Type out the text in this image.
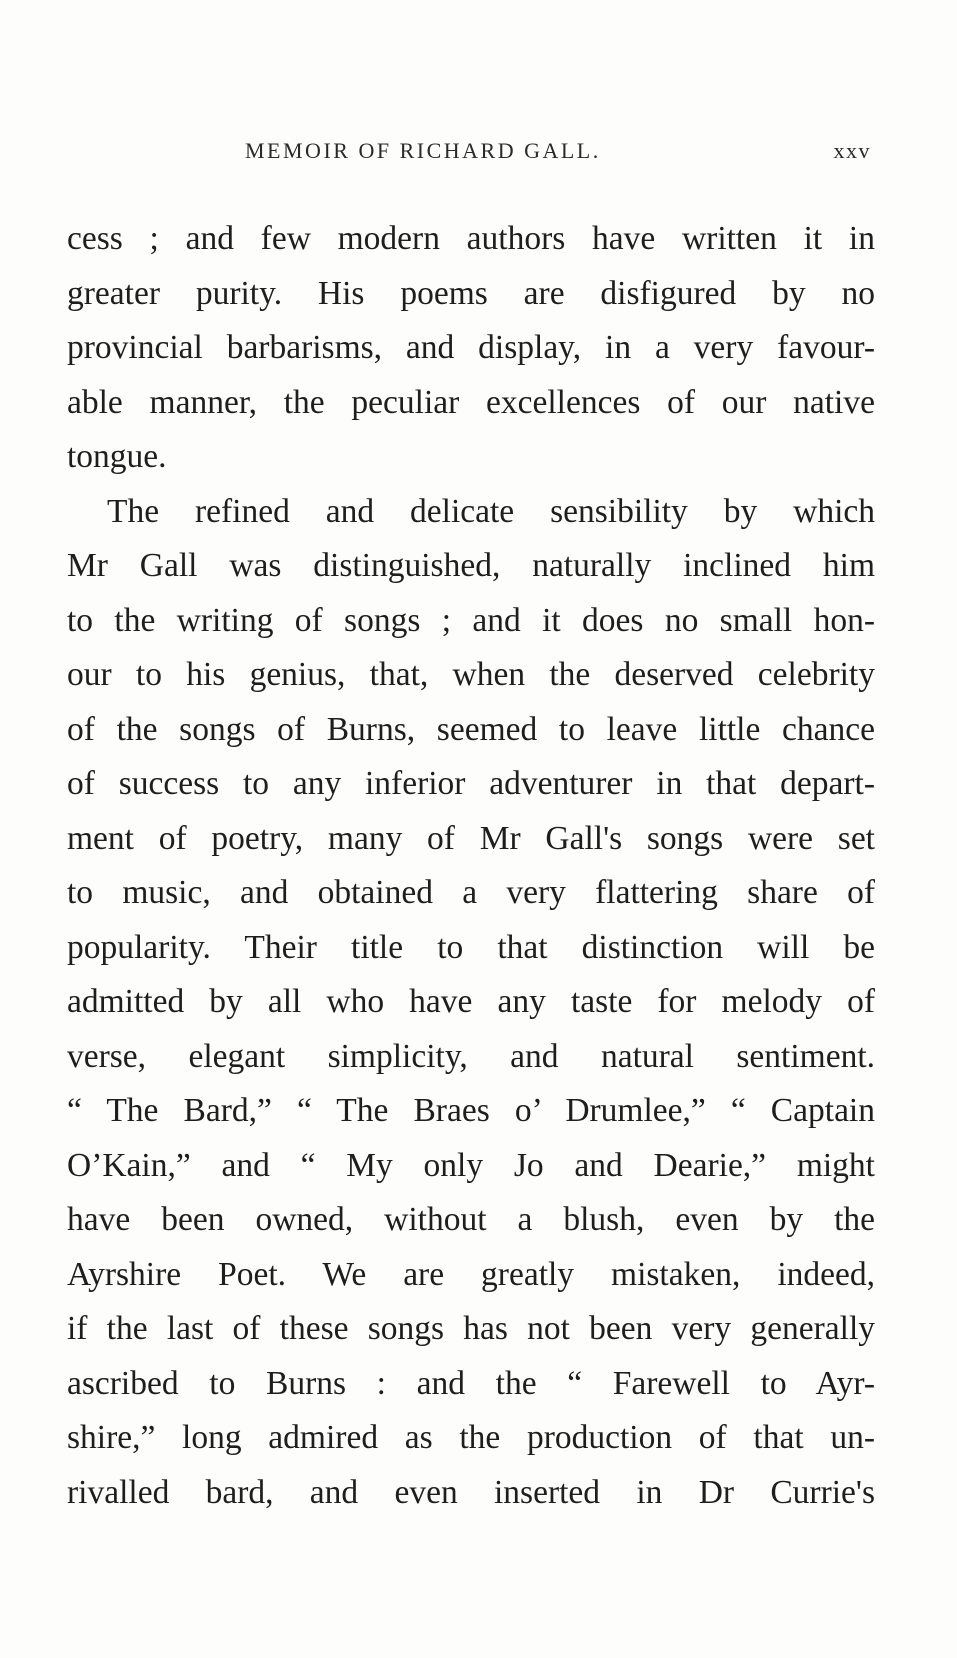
MEMOIR OF RICHARD GALL.	xxv
cess ; and few modern authors have written it in
greater purity. His poems are disfigured by no
provincial barbarisms, and display, in a very favour-
able manner, the peculiar excellences of our native
tongue.
The refined and delicate sensibility by which
Mr Gall was distinguished, naturally inclined him
to the writing of songs ; and it does no small hon-
our to his genius, that, when the deserved celebrity
of the songs of Burns, seemed to leave little chance
of success to any inferior adventurer in that depart-
ment of poetry, many of Mr Gall's songs were set
to music, and obtained a very flattering share of
popularity. Their title to that distinction will be
admitted by all who have any taste for melody of
verse, elegant simplicity, and natural sentiment.
“ The Bard,” “ The Braes o’ Drumlee,” “ Captain
O’Kain,” and “ My only Jo and Dearie,” might
have been owned, without a blush, even by the
Ayrshire Poet. We are greatly mistaken, indeed,
if the last of these songs has not been very generally
ascribed to Burns : and the “ Farewell to Ayr-
shire,” long admired as the production of that un-
rivalled bard, and even inserted in Dr Currie's
